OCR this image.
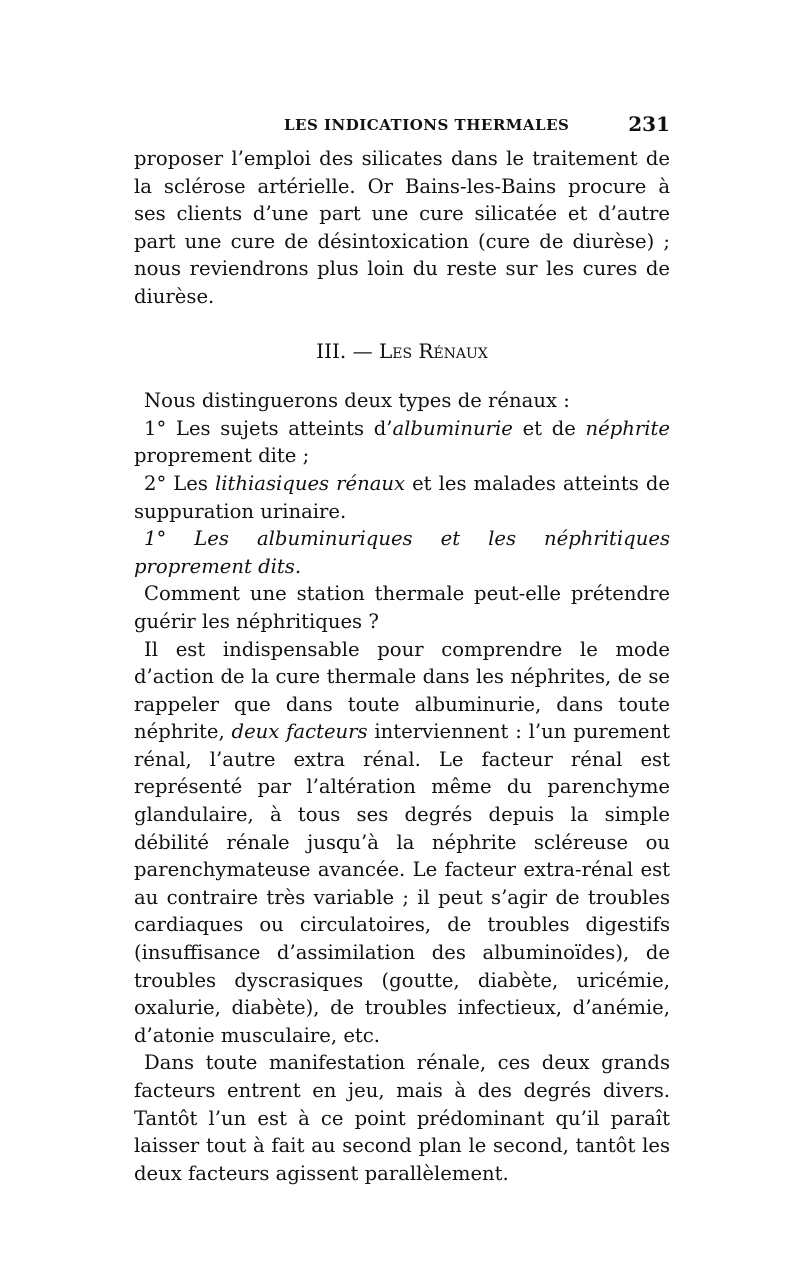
LES INDICATIONS THERMALES	231

proposer l’emploi des silicates dans le traitement de la sclérose artérielle. Or Bains-les-Bains procure à ses clients d’une part une cure silicatée et d’autre part une cure de désintoxication (cure de diurèse) ; nous reviendrons plus loin du reste sur les cures de diurèse.

III. — Les Rénaux

Nous distinguerons deux types de rénaux :

1° Les sujets atteints d’albuminurie et de néphrite proprement dite ;

2° Les lithiasiques rénaux et les malades atteints de suppuration urinaire.

1° Les albuminuriques et les néphritiques proprement dits.

Comment une station thermale peut-elle prétendre guérir les néphritiques ?

Il est indispensable pour comprendre le mode d’action de la cure thermale dans les néphrites, de se rappeler que dans toute albuminurie, dans toute néphrite, deux facteurs interviennent : l’un purement rénal, l’autre extra rénal. Le facteur rénal est représenté par l’altération même du parenchyme glandulaire, à tous ses degrés depuis la simple débilité rénale jusqu’à la néphrite scléreuse ou parenchymateuse avancée. Le facteur extra-rénal est au contraire très variable ; il peut s’agir de troubles cardiaques ou circulatoires, de troubles digestifs (insuffisance d’assimilation des albuminoïdes), de troubles dyscrasiques (goutte, diabète, uricémie, oxalurie, diabète), de troubles infectieux, d’anémie, d’atonie musculaire, etc.

Dans toute manifestation rénale, ces deux grands facteurs entrent en jeu, mais à des degrés divers. Tantôt l’un est à ce point prédominant qu’il paraît laisser tout à fait au second plan le second, tantôt les deux facteurs agissent parallèlement.
